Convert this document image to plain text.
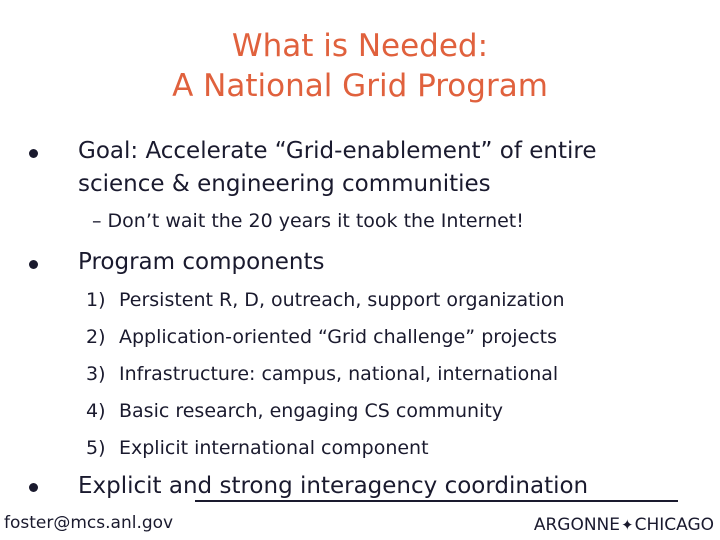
What is Needed:
A National Grid Program
Goal: Accelerate “Grid-enablement” of entire
science & engineering communities
– Don’t wait the 20 years it took the Internet!
Program components
1) Persistent R, D, outreach, support organization
2) Application-oriented “Grid challenge” projects
3) Infrastructure: campus, national, international
4) Basic research, engaging CS community
5) Explicit international component
Explicit and strong interagency coordination
foster@mcs.anl.gov	ARGONNE✦CHICAGO
